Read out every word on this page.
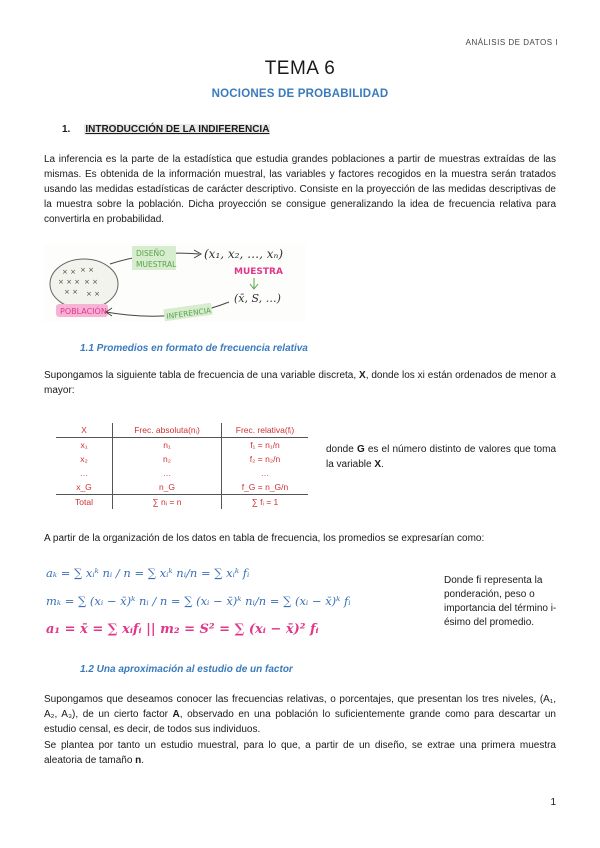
ANÁLISIS DE DATOS I
TEMA 6
NOCIONES DE PROBABILIDAD
1. INTRODUCCIÓN DE LA INDIFERENCIA
La inferencia es la parte de la estadística que estudia grandes poblaciones a partir de muestras extraídas de las mismas. Es obtenida de la información muestral, las variables y factores recogidos en la muestra serán tratados usando las medidas estadísticas de carácter descriptivo. Consiste en la proyección de las medidas descriptivas de la muestra sobre la población. Dicha proyección se consigue generalizando la idea de frecuencia relativa para convertirla en probabilidad.
× × × ×
× × × × ×
× × × ×
POBLACIÓN
DISEÑO
MUESTRAL
(x₁, x₂, …, xₙ)
MUESTRA
(x̄, S, …)
INFERENCIA
1.1 Promedios en formato de frecuencia relativa
Supongamos la siguiente tabla de frecuencia de una variable discreta, X, donde los xi están ordenados de menor a mayor:
X	Frec. absoluta(nᵢ)	Frec. relativa(fᵢ)
x₁	n₁	f₁ = n₁/n
x₂	n₂	f₂ = n₂/n
…	…	…
x_G	n_G	f_G = n_G/n
Total	∑ nᵢ = n	∑ fᵢ = 1
donde G es el número distinto de valores que toma la variable X.
A partir de la organización de los datos en tabla de frecuencia, los promedios se expresarían como:
aₖ = ∑ xᵢᵏ nᵢ / n = ∑ xᵢᵏ nᵢ/n = ∑ xᵢᵏ fᵢ
mₖ = ∑ (xᵢ − x̄)ᵏ nᵢ / n = ∑ (xᵢ − x̄)ᵏ nᵢ/n = ∑ (xᵢ − x̄)ᵏ fᵢ
a₁ = x̄ = ∑ xᵢfᵢ || m₂ = S² = ∑ (xᵢ − x̄)² fᵢ
Donde fi representa la ponderación, peso o importancia del término i-ésimo del promedio.
1.2 Una aproximación al estudio de un factor
Supongamos que deseamos conocer las frecuencias relativas, o porcentajes, que presentan los tres niveles, (A₁, A₂, A₃), de un cierto factor A, observado en una población lo suficientemente grande como para descartar un estudio censal, es decir, de todos sus individuos.
Se plantea por tanto un estudio muestral, para lo que, a partir de un diseño, se extrae una primera muestra aleatoria de tamaño n.
1
